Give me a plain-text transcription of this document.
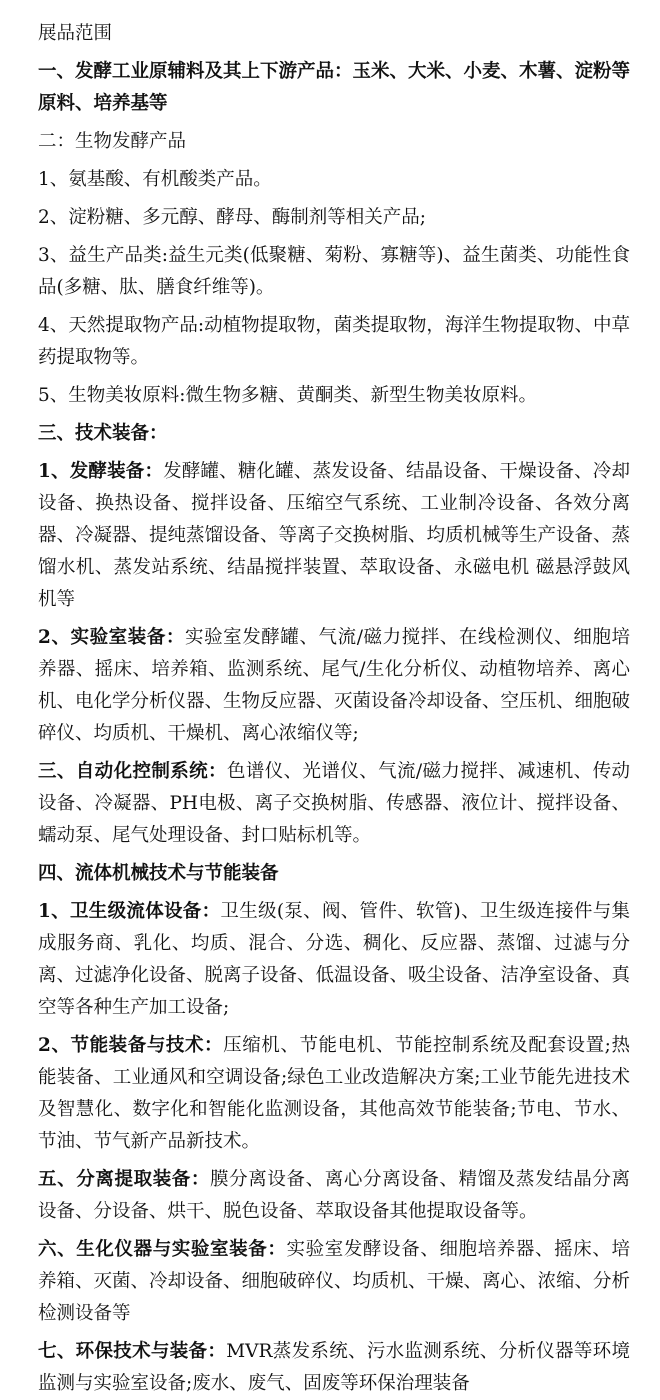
展品范围
一、发酵工业原辅料及其上下游产品：玉米、大米、小麦、木薯、淀粉等原料、培养基等
二：生物发酵产品
1、氨基酸、有机酸类产品。
2、淀粉糖、多元醇、酵母、酶制剂等相关产品;
3、益生产品类:益生元类(低聚糖、菊粉、寡糖等)、益生菌类、功能性食品(多糖、肽、膳食纤维等)。
4、天然提取物产品:动植物提取物，菌类提取物，海洋生物提取物、中草药提取物等。
5、生物美妆原料:微生物多糖、黄酮类、新型生物美妆原料。
三、技术装备：
1、发酵装备：发酵罐、糖化罐、蒸发设备、结晶设备、干燥设备、冷却设备、换热设备、搅拌设备、压缩空气系统、工业制冷设备、各效分离器、冷凝器、提纯蒸馏设备、等离子交换树脂、均质机械等生产设备、蒸馏水机、蒸发站系统、结晶搅拌装置、萃取设备、永磁电机 磁悬浮鼓风机等
2、实验室装备：实验室发酵罐、气流/磁力搅拌、在线检测仪、细胞培养器、摇床、培养箱、监测系统、尾气/生化分析仪、动植物培养、离心机、电化学分析仪器、生物反应器、灭菌设备冷却设备、空压机、细胞破碎仪、均质机、干燥机、离心浓缩仪等;
三、自动化控制系统：色谱仪、光谱仪、气流/磁力搅拌、减速机、传动设备、冷凝器、PH电极、离子交换树脂、传感器、液位计、搅拌设备、蠕动泵、尾气处理设备、封口贴标机等。
四、流体机械技术与节能装备
1、卫生级流体设备：卫生级(泵、阀、管件、软管)、卫生级连接件与集成服务商、乳化、均质、混合、分选、稠化、反应器、蒸馏、过滤与分离、过滤净化设备、脱离子设备、低温设备、吸尘设备、洁净室设备、真空等各种生产加工设备;
2、节能装备与技术：压缩机、节能电机、节能控制系统及配套设置;热能装备、工业通风和空调设备;绿色工业改造解决方案;工业节能先进技术及智慧化、数字化和智能化监测设备，其他高效节能装备;节电、节水、节油、节气新产品新技术。
五、分离提取装备：膜分离设备、离心分离设备、精馏及蒸发结晶分离设备、分设备、烘干、脱色设备、萃取设备其他提取设备等。
六、生化仪器与实验室装备：实验室发酵设备、细胞培养器、摇床、培养箱、灭菌、冷却设备、细胞破碎仪、均质机、干燥、离心、浓缩、分析检测设备等
七、环保技术与装备：MVR蒸发系统、污水监测系统、分析仪器等环境监测与实验室设备;废水、废气、固废等环保治理装备
